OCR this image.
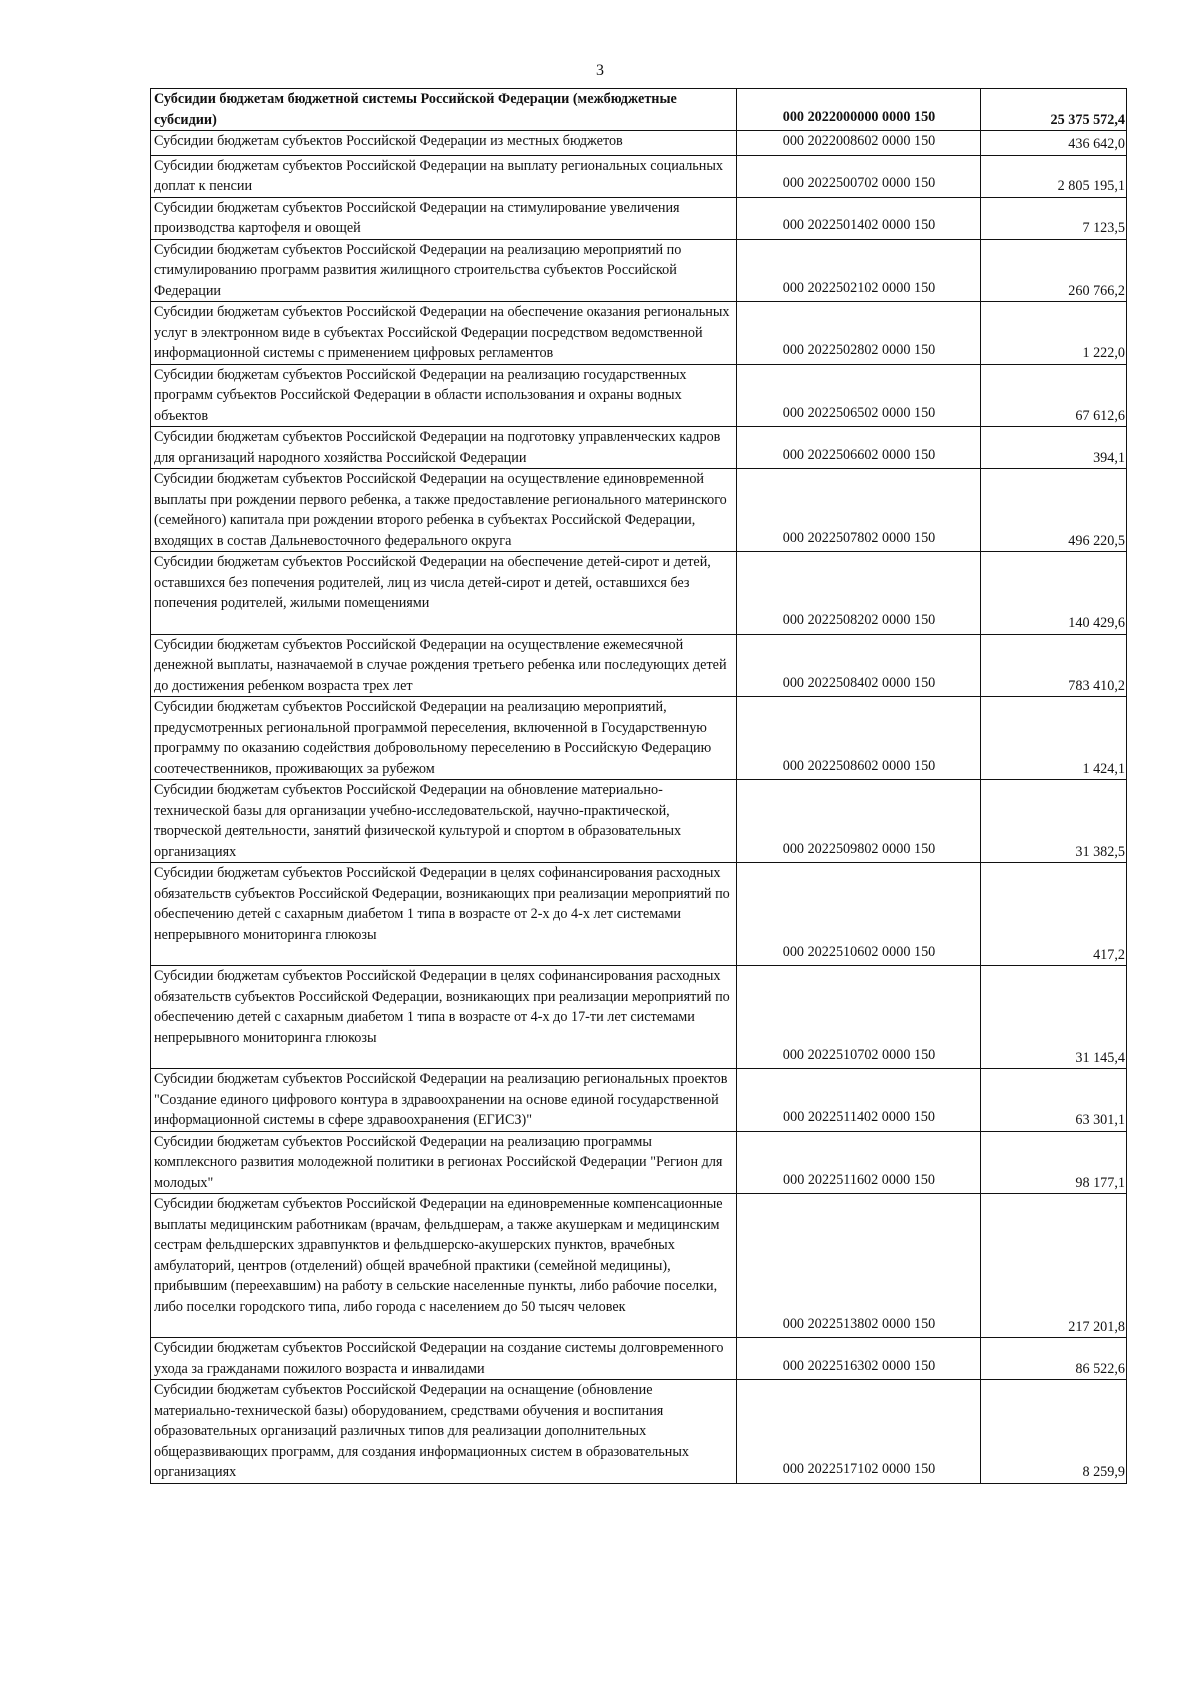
3
Субсидии бюджетам бюджетной системы Российской Федерации (межбюджетные субсидии)	000 2022000000 0000 150	25 375 572,4
Субсидии бюджетам субъектов Российской Федерации из местных бюджетов	000 2022008602 0000 150	436 642,0
Субсидии бюджетам субъектов Российской Федерации на выплату региональных социальных доплат к пенсии	000 2022500702 0000 150	2 805 195,1
Субсидии бюджетам субъектов Российской Федерации на стимулирование увеличения производства картофеля и овощей	000 2022501402 0000 150	7 123,5
Субсидии бюджетам субъектов Российской Федерации на реализацию мероприятий по стимулированию программ развития жилищного строительства субъектов Российской Федерации	000 2022502102 0000 150	260 766,2
Субсидии бюджетам субъектов Российской Федерации на обеспечение оказания региональных услуг в электронном виде в субъектах Российской Федерации посредством ведомственной информационной системы с применением цифровых регламентов	000 2022502802 0000 150	1 222,0
Субсидии бюджетам субъектов Российской Федерации на реализацию государственных программ субъектов Российской Федерации в области использования и охраны водных объектов	000 2022506502 0000 150	67 612,6
Субсидии бюджетам субъектов Российской Федерации на подготовку управленческих кадров для организаций народного хозяйства Российской Федерации	000 2022506602 0000 150	394,1
Субсидии бюджетам субъектов Российской Федерации на осуществление единовременной выплаты при рождении первого ребенка, а также предоставление регионального материнского (семейного) капитала при рождении второго ребенка в субъектах Российской Федерации, входящих в состав Дальневосточного федерального округа	000 2022507802 0000 150	496 220,5
Субсидии бюджетам субъектов Российской Федерации на обеспечение детей-сирот и детей, оставшихся без попечения родителей, лиц из числа детей-сирот и детей, оставшихся без попечения родителей, жилыми помещениями	000 2022508202 0000 150	140 429,6
Субсидии бюджетам субъектов Российской Федерации на осуществление ежемесячной денежной выплаты, назначаемой в случае рождения третьего ребенка или последующих детей до достижения ребенком возраста трех лет	000 2022508402 0000 150	783 410,2
Субсидии бюджетам субъектов Российской Федерации на реализацию мероприятий, предусмотренных региональной программой переселения, включенной в Государственную программу по оказанию содействия добровольному переселению в Российскую Федерацию соотечественников, проживающих за рубежом	000 2022508602 0000 150	1 424,1
Субсидии бюджетам субъектов Российской Федерации на обновление материально-технической базы для организации учебно-исследовательской, научно-практической, творческой деятельности, занятий физической культурой и спортом в образовательных организациях	000 2022509802 0000 150	31 382,5
Субсидии бюджетам субъектов Российской Федерации в целях софинансирования расходных обязательств субъектов Российской Федерации, возникающих при реализации мероприятий по обеспечению детей с сахарным диабетом 1 типа в возрасте от 2-х до 4-х лет системами непрерывного мониторинга глюкозы	000 2022510602 0000 150	417,2
Субсидии бюджетам субъектов Российской Федерации в целях софинансирования расходных обязательств субъектов Российской Федерации, возникающих при реализации мероприятий по обеспечению детей с сахарным диабетом 1 типа в возрасте от 4-х до 17-ти лет системами непрерывного мониторинга глюкозы	000 2022510702 0000 150	31 145,4
Субсидии бюджетам субъектов Российской Федерации на реализацию региональных проектов "Создание единого цифрового контура в здравоохранении на основе единой государственной информационной системы в сфере здравоохранения (ЕГИСЗ)"	000 2022511402 0000 150	63 301,1
Субсидии бюджетам субъектов Российской Федерации на реализацию программы комплексного развития молодежной политики в регионах Российской Федерации "Регион для молодых"	000 2022511602 0000 150	98 177,1
Субсидии бюджетам субъектов Российской Федерации на единовременные компенсационные выплаты медицинским работникам (врачам, фельдшерам, а также акушеркам и медицинским сестрам фельдшерских здравпунктов и фельдшерско-акушерских пунктов, врачебных амбулаторий, центров (отделений) общей врачебной практики (семейной медицины), прибывшим (переехавшим) на работу в сельские населенные пункты, либо рабочие поселки, либо поселки городского типа, либо города с населением до 50 тысяч человек	000 2022513802 0000 150	217 201,8
Субсидии бюджетам субъектов Российской Федерации на создание системы долговременного ухода за гражданами пожилого возраста и инвалидами	000 2022516302 0000 150	86 522,6
Субсидии бюджетам субъектов Российской Федерации на оснащение (обновление материально-технической базы) оборудованием, средствами обучения и воспитания образовательных организаций различных типов для реализации дополнительных общеразвивающих программ, для создания информационных систем в образовательных организациях	000 2022517102 0000 150	8 259,9
